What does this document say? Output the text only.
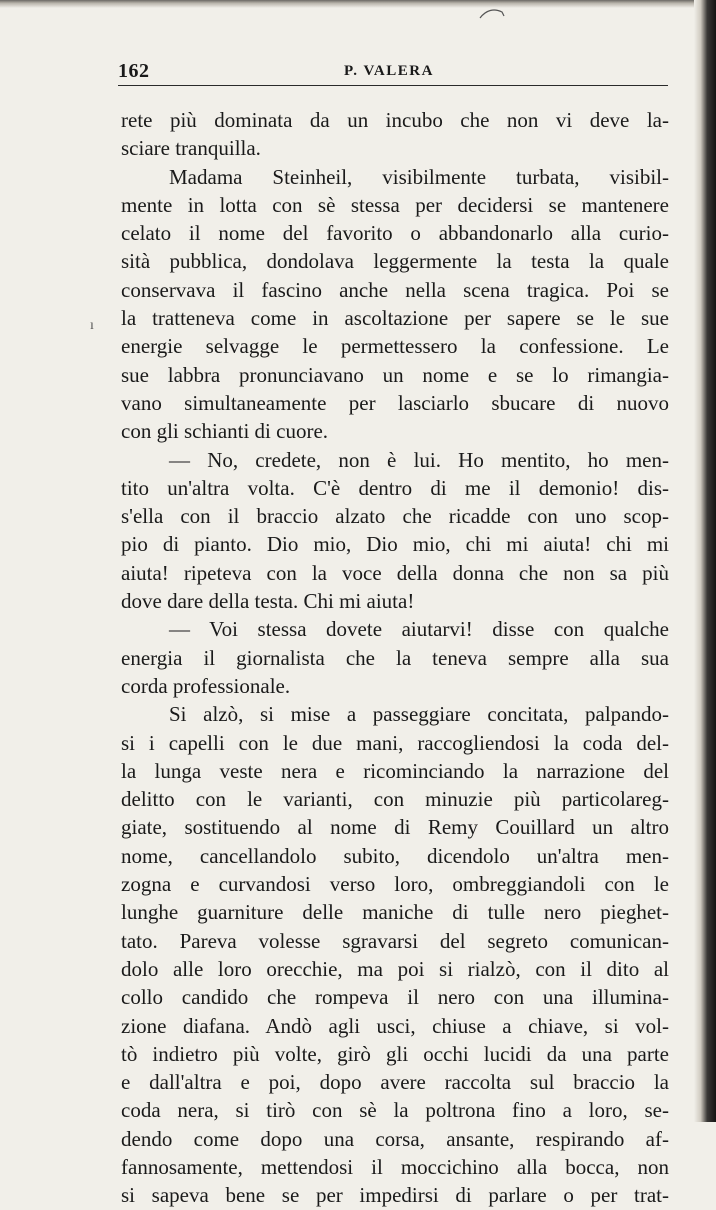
162	P. VALERA
ı
rete più dominata da un incubo che non vi deve la-
sciare tranquilla.
Madama Steinheil, visibilmente turbata, visibil-
mente in lotta con sè stessa per decidersi se mantenere
celato il nome del favorito o abbandonarlo alla curio-
sità pubblica, dondolava leggermente la testa la quale
conservava il fascino anche nella scena tragica. Poi se
la tratteneva come in ascoltazione per sapere se le sue
energie selvagge le permettessero la confessione. Le
sue labbra pronunciavano un nome e se lo rimangia-
vano simultaneamente per lasciarlo sbucare di nuovo
con gli schianti di cuore.
— No, credete, non è lui. Ho mentito, ho men-
tito un'altra volta. C'è dentro di me il demonio! dis-
s'ella con il braccio alzato che ricadde con uno scop-
pio di pianto. Dio mio, Dio mio, chi mi aiuta! chi mi
aiuta! ripeteva con la voce della donna che non sa più
dove dare della testa. Chi mi aiuta!
— Voi stessa dovete aiutarvi! disse con qualche
energia il giornalista che la teneva sempre alla sua
corda professionale.
Si alzò, si mise a passeggiare concitata, palpando-
si i capelli con le due mani, raccogliendosi la coda del-
la lunga veste nera e ricominciando la narrazione del
delitto con le varianti, con minuzie più particolareg-
giate, sostituendo al nome di Remy Couillard un altro
nome, cancellandolo subito, dicendolo un'altra men-
zogna e curvandosi verso loro, ombreggiandoli con le
lunghe guarniture delle maniche di tulle nero pieghet-
tato. Pareva volesse sgravarsi del segreto comunican-
dolo alle loro orecchie, ma poi si rialzò, con il dito al
collo candido che rompeva il nero con una illumina-
zione diafana. Andò agli usci, chiuse a chiave, si vol-
tò indietro più volte, girò gli occhi lucidi da una parte
e dall'altra e poi, dopo avere raccolta sul braccio la
coda nera, si tirò con sè la poltrona fino a loro, se-
dendo come dopo una corsa, ansante, respirando af-
fannosamente, mettendosi il moccichino alla bocca, non
si sapeva bene se per impedirsi di parlare o per trat-
